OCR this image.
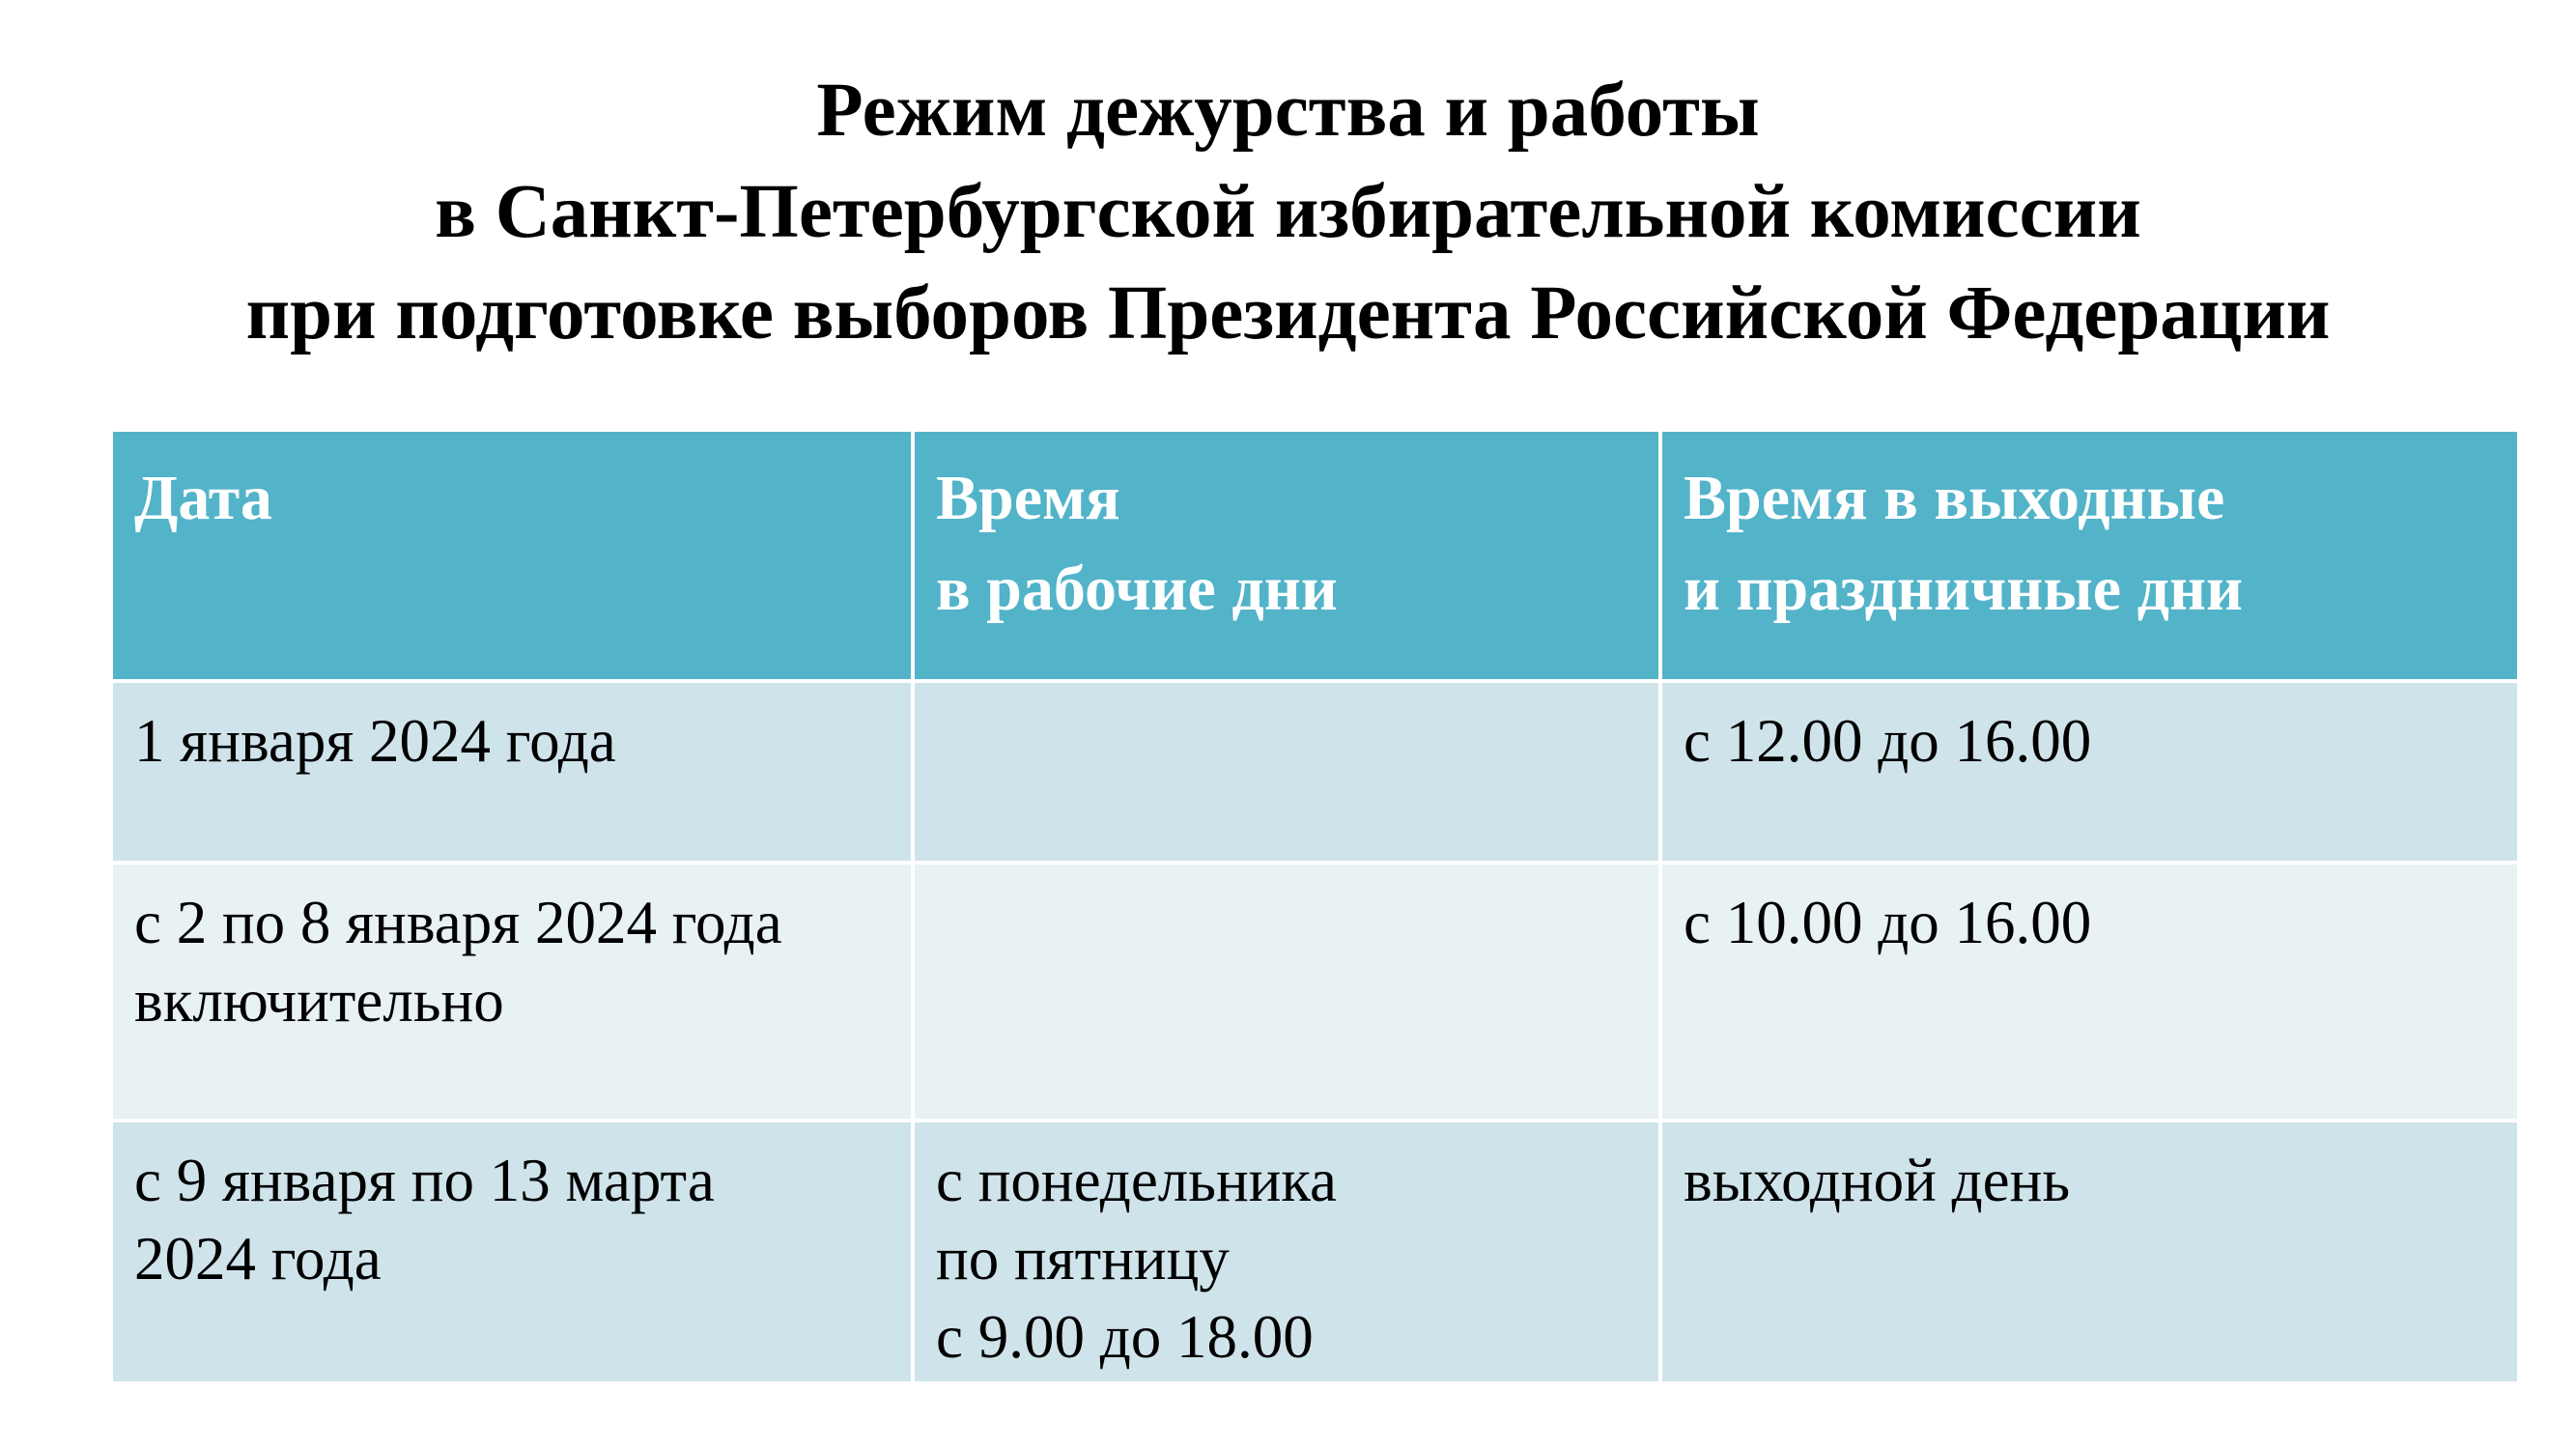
Режим дежурства и работы
в Санкт-Петербургской избирательной комиссии
при подготовке выборов Президента Российской Федерации
Дата	Время
в рабочие дни
Время в выходные
и праздничные дни
1 января 2024 года	с 12.00 до 16.00
с 2 по 8 января 2024 года
включительно
с 10.00 до 16.00
с 9 января по 13 марта
2024 года
с понедельника
по пятницу
с 9.00 до 18.00
выходной день
